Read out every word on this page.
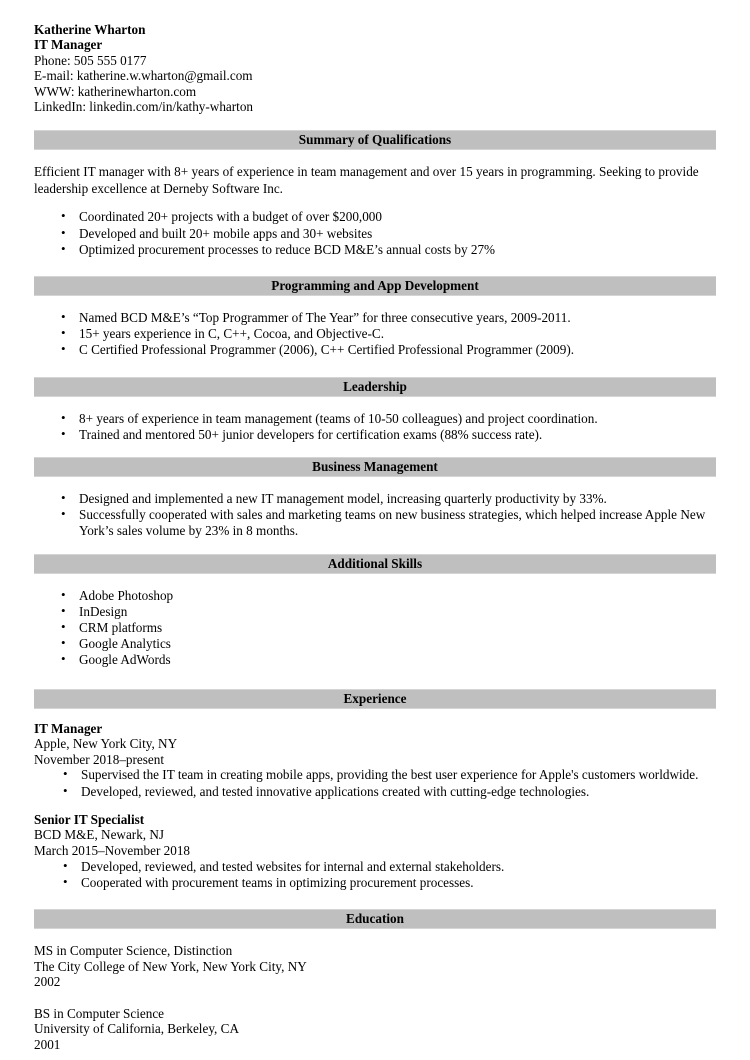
Katherine Wharton
IT Manager
Phone: 505 555 0177
E-mail: katherine.w.wharton@gmail.com
WWW: katherinewharton.com
LinkedIn: linkedin.com/in/kathy-wharton
Summary of Qualifications

Efficient IT manager with 8+ years of experience in team management and over 15 years in programming. Seeking to provide leadership excellence at Derneby Software Inc.

• Coordinated 20+ projects with a budget of over $200,000
• Developed and built 20+ mobile apps and 30+ websites
• Optimized procurement processes to reduce BCD M&E’s annual costs by 27%
Programming and App Development
• Named BCD M&E’s “Top Programmer of The Year” for three consecutive years, 2009-2011.
• 15+ years experience in C, C++, Cocoa, and Objective-C.
• C Certified Professional Programmer (2006), C++ Certified Professional Programmer (2009).
Leadership
• 8+ years of experience in team management (teams of 10-50 colleagues) and project coordination.
• Trained and mentored 50+ junior developers for certification exams (88% success rate).
Business Management
• Designed and implemented a new IT management model, increasing quarterly productivity by 33%.
• Successfully cooperated with sales and marketing teams on new business strategies, which helped increase Apple New York’s sales volume by 23% in 8 months.
Additional Skills
• Adobe Photoshop
• InDesign
• CRM platforms
• Google Analytics
• Google AdWords
Experience
IT Manager
Apple, New York City, NY
November 2018–present
• Supervised the IT team in creating mobile apps, providing the best user experience for Apple's customers worldwide.
• Developed, reviewed, and tested innovative applications created with cutting-edge technologies.
Senior IT Specialist
BCD M&E, Newark, NJ
March 2015–November 2018
• Developed, reviewed, and tested websites for internal and external stakeholders.
• Cooperated with procurement teams in optimizing procurement processes.
Education
MS in Computer Science, Distinction
The City College of New York, New York City, NY
2002
BS in Computer Science
University of California, Berkeley, CA
2001
